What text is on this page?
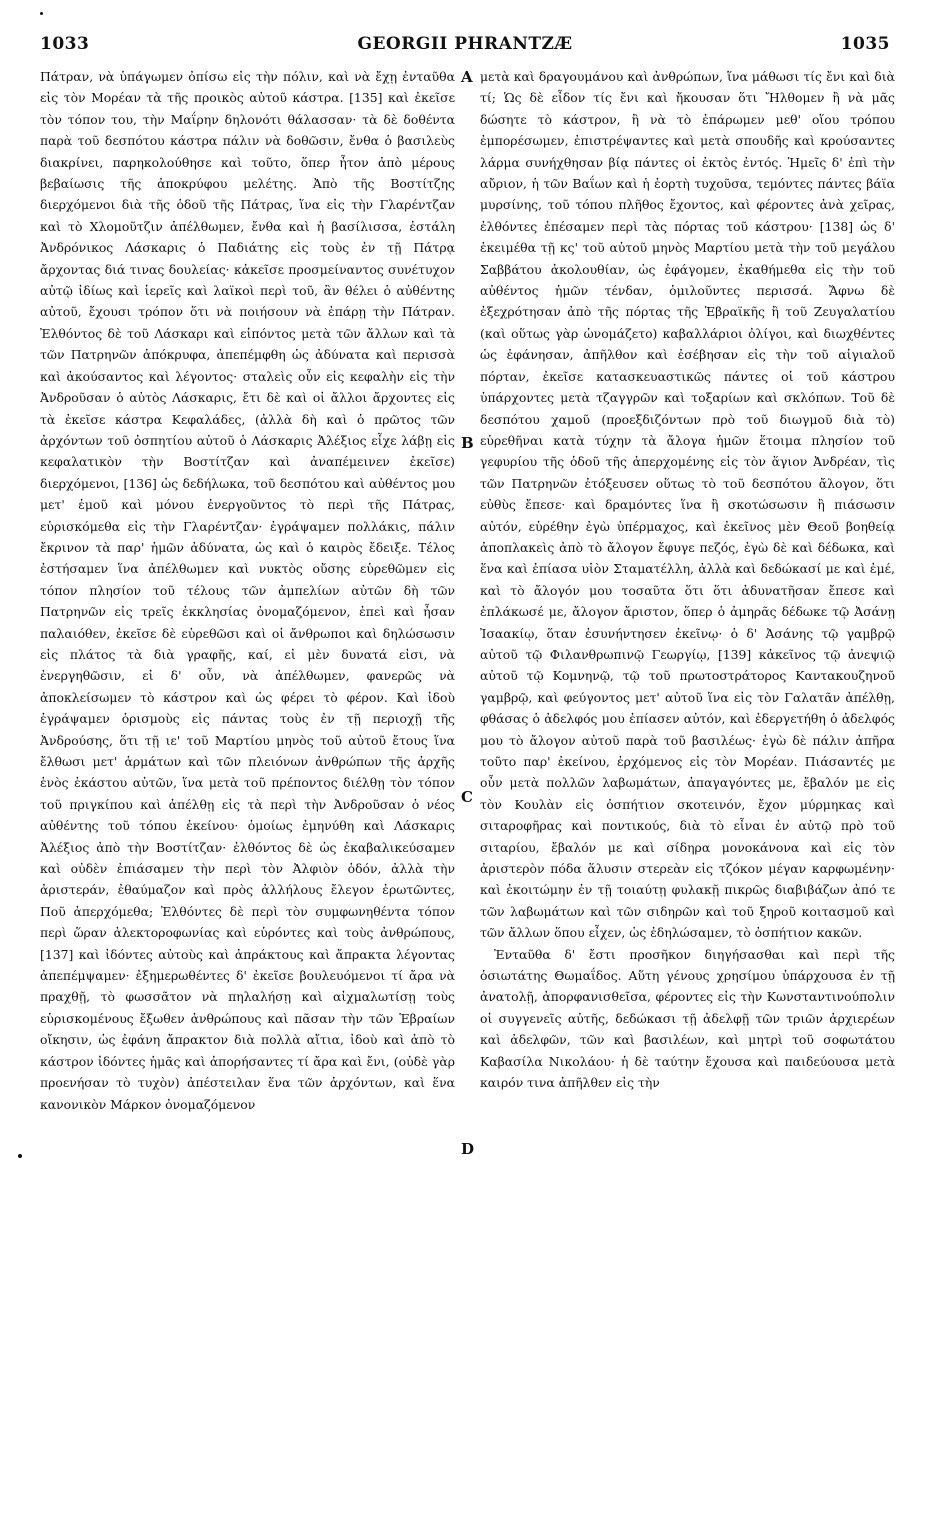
1033	GEORGII PHRANTZÆ	1035

Πάτραν, νὰ ὑπάγωμεν ὀπίσω εἰς τὴν πόλιν, καὶ νὰ ἔχῃ ἐνταῦθα εἰς τὸν Μορέαν τὰ τῆς προικὸς αὐτοῦ κάστρα. [135] καὶ ἐκεῖσε τὸν τόπον του, τὴν Μαΐρην δηλονότι θάλασσαν· τὰ δὲ δοθέντα παρὰ τοῦ δεσπότου κάστρα πάλιν νὰ δοθῶσιν, ἔνθα ὁ βασιλεὺς διακρίνει, παρηκολούθησε καὶ τοῦτο, ὅπερ ἦτον ἀπὸ μέρους βεβαίωσις τῆς ἀποκρύφου μελέτης. Ἀπὸ τῆς Βοστίτζης διερχόμενοι διὰ τῆς ὁδοῦ τῆς Πάτρας, ἵνα εἰς τὴν Γλαρέντζαν καὶ τὸ Χλομοῦτζιν ἀπέλθωμεν, ἔνθα καὶ ἡ βασίλισσα, ἐστάλη Ἀνδρόνικος Λάσκαρις ὁ Παδιάτης εἰς τοὺς ἐν τῇ Πάτρᾳ ἄρχοντας διά τινας δουλείας· κἀκεῖσε προσμείναντος συνέτυχον αὐτῷ ἰδίως καὶ ἱερεῖς καὶ λαϊκοὶ περὶ τοῦ, ἂν θέλει ὁ αὐθέντης αὐτοῦ, ἔχουσι τρόπον ὅτι νὰ ποιήσουν νὰ ἐπάρῃ τὴν Πάτραν. Ἐλθόντος δὲ τοῦ Λάσκαρι καὶ εἰπόντος μετὰ τῶν ἄλλων καὶ τὰ τῶν Πατρηνῶν ἀπόκρυφα, ἀπεπέμφθη ὡς ἀδύνατα καὶ περισσὰ καὶ ἀκούσαντος καὶ λέγοντος· σταλεὶς οὖν εἰς κεφαλὴν εἰς τὴν Ἀνδροῦσαν ὁ αὐτὸς Λάσκαρις, ἔτι δὲ καὶ οἱ ἄλλοι ἄρχοντες εἰς τὰ ἐκεῖσε κάστρα Κεφαλάδες, (ἀλλὰ δὴ καὶ ὁ πρῶτος τῶν ἀρχόντων τοῦ ὀσπητίου αὐτοῦ ὁ Λάσκαρις Ἀλέξιος εἶχε λάβῃ εἰς κεφαλατικὸν τὴν Βοστίτζαν καὶ ἀναπέμεινεν ἐκεῖσε) διερχόμενοι, [136] ὡς δεδήλωκα, τοῦ δεσπότου καὶ αὐθέντος μου μετ' ἐμοῦ καὶ μόνου ἐνεργοῦντος τὸ περὶ τῆς Πάτρας, εὑρισκόμεθα εἰς τὴν Γλαρέντζαν· ἐγράψαμεν πολλάκις, πάλιν ἔκρινον τὰ παρ' ἡμῶν ἀδύνατα, ὡς καὶ ὁ καιρὸς ἔδειξε. Τέλος ἐστήσαμεν ἵνα ἀπέλθωμεν καὶ νυκτὸς οὔσης εὑρεθῶμεν εἰς τόπον πλησίον τοῦ τέλους τῶν ἀμπελίων αὐτῶν δὴ τῶν Πατρηνῶν εἰς τρεῖς ἐκκλησίας ὀνομαζόμενον, ἐπεὶ καὶ ἦσαν παλαιόθεν, ἐκεῖσε δὲ εὑρεθῶσι καὶ οἱ ἄνθρωποι καὶ δηλώσωσιν εἰς πλάτος τὰ διὰ γραφῆς, καί, εἰ μὲν δυνατά εἰσι, νὰ ἐνεργηθῶσιν, εἰ δ' οὖν, νὰ ἀπέλθωμεν, φανερῶς νὰ ἀποκλείσωμεν τὸ κάστρον καὶ ὡς φέρει τὸ φέρον. Καὶ ἰδοὺ ἐγράψαμεν ὁρισμοὺς εἰς πάντας τοὺς ἐν τῇ περιοχῇ τῆς Ἀνδρούσης, ὅτι τῇ ιε' τοῦ Μαρτίου μηνὸς τοῦ αὐτοῦ ἔτους ἵνα ἔλθωσι μετ' ἁρμάτων καὶ τῶν πλειόνων ἀνθρώπων τῆς ἀρχῆς ἑνὸς ἑκάστου αὐτῶν, ἵνα μετὰ τοῦ πρέποντος διέλθῃ τὸν τόπον τοῦ πριγκίπου καὶ ἀπέλθῃ εἰς τὰ περὶ τὴν Ἀνδροῦσαν ὁ νέος αὐθέντης τοῦ τόπου ἐκείνου· ὁμοίως ἐμηνύθη καὶ Λάσκαρις Ἀλέξιος ἀπὸ τὴν Βοστίτζαν· ἐλθόντος δὲ ὡς ἐκαβαλικεύσαμεν καὶ οὐδὲν ἐπιάσαμεν τὴν περὶ τὸν Ἀλφιὸν ὁδόν, ἀλλὰ τὴν ἀριστεράν, ἐθαύμαζον καὶ πρὸς ἀλλήλους ἔλεγον ἐρωτῶντες, Ποῦ ἀπερχόμεθα; Ἐλθόντες δὲ περὶ τὸν συμφωνηθέντα τόπον περὶ ὥραν ἀλεκτοροφωνίας καὶ εὑρόντες καὶ τοὺς ἀνθρώπους, [137] καὶ ἰδόντες αὐτοὺς καὶ ἀπράκτους καὶ ἄπρακτα λέγοντας ἀπεπέμψαμεν· ἐξημερωθέντες δ' ἐκεῖσε βουλευόμενοι τί ἄρα νὰ πραχθῇ, τὸ φωσσᾶτον νὰ πηλαλήσῃ καὶ αἰχμαλωτίσῃ τοὺς εὑρισκομένους ἔξωθεν ἀνθρώπους καὶ πᾶσαν τὴν τῶν Ἑβραίων οἴκησιν, ὡς ἐφάνη ἄπρακτον διὰ πολλὰ αἴτια, ἰδοὺ καὶ ἀπὸ τὸ κάστρον ἰδόντες ἡμᾶς καὶ ἀπορήσαντες τί ἄρα καὶ ἔνι, (οὐδὲ γὰρ προενήσαν τὸ τυχὸν) ἀπέστειλαν ἕνα τῶν ἀρχόντων, καὶ ἕνα κανονικὸν Μάρκον ὀνομαζόμενον

A
B
C
D

μετὰ καὶ δραγουμάνου καὶ ἀνθρώπων, ἵνα μάθωσι τίς ἔνι καὶ διὰ τί; Ὡς δὲ εἶδον τίς ἔνι καὶ ἤκουσαν ὅτι Ἤλθομεν ἢ νὰ μᾶς δώσητε τὸ κάστρον, ἢ νὰ τὸ ἐπάρωμεν μεθ' οἵου τρόπου ἐμπορέσωμεν, ἐπιστρέψαντες καὶ μετὰ σπουδῆς καὶ κρούσαντες λάρμα συνήχθησαν βίᾳ πάντες οἱ ἐκτὸς ἐντός. Ἡμεῖς δ' ἐπὶ τὴν αὔριον, ἡ τῶν Βαΐων καὶ ἡ ἑορτὴ τυχοῦσα, τεμόντες πάντες βάϊα μυρσίνης, τοῦ τόπου πλῆθος ἔχοντος, καὶ φέροντες ἀνὰ χεῖρας, ἐλθόντες ἐπέσαμεν περὶ τὰς πόρτας τοῦ κάστρου· [138] ὡς δ' ἐκειμέθα τῇ κς' τοῦ αὐτοῦ μηνὸς Μαρτίου μετὰ τὴν τοῦ μεγάλου Σαββάτου ἀκολουθίαν, ὡς ἐφάγομεν, ἐκαθήμεθα εἰς τὴν τοῦ αὐθέντος ἡμῶν τένδαν, ὁμιλοῦντες περισσά. Ἄφνω δὲ ἐξεχρότησαν ἀπὸ τῆς πόρτας τῆς Ἑβραϊκῆς ἢ τοῦ Ζευγαλατίου (καὶ οὕτως γὰρ ὠνομάζετο) καβαλλάριοι ὀλίγοι, καὶ διωχθέντες ὡς ἐφάνησαν, ἀπῆλθον καὶ ἐσέβησαν εἰς τὴν τοῦ αἰγιαλοῦ πόρταν, ἐκεῖσε κατασκευαστικῶς πάντες οἱ τοῦ κάστρου ὑπάρχοντες μετὰ τζαγγρῶν καὶ τοξαρίων καὶ σκλόπων. Τοῦ δὲ δεσπότου χαμοῦ (προεξδιζόντων πρὸ τοῦ διωγμοῦ διὰ τὸ) εὑρεθῆναι κατὰ τύχην τὰ ἄλογα ἡμῶν ἕτοιμα πλησίον τοῦ γεφυρίου τῆς ὁδοῦ τῆς ἀπερχομένης εἰς τὸν ἅγιον Ἀνδρέαν, τὶς τῶν Πατρηνῶν ἐτόξευσεν οὕτως τὸ τοῦ δεσπότου ἄλογον, ὅτι εὐθὺς ἔπεσε· καὶ δραμόντες ἵνα ἢ σκοτώσωσιν ἢ πιάσωσιν αὐτόν, εὑρέθην ἐγὼ ὑπέρμαχος, καὶ ἐκεῖνος μὲν Θεοῦ βοηθείᾳ ἀποπλακεὶς ἀπὸ τὸ ἄλογον ἔφυγε πεζός, ἐγὼ δὲ καὶ δέδωκα, καὶ ἕνα καὶ ἐπίασα υἱὸν Σταματέλλη, ἀλλὰ καὶ δεδώκασί με καὶ ἐμέ, καὶ τὸ ἄλογόν μου τοσαῦτα ὅτι ὅτι ἀδυνατῆσαν ἔπεσε καὶ ἐπλάκωσέ με, ἄλογον ἄριστον, ὅπερ ὁ ἀμηρᾶς δέδωκε τῷ Ἀσάνῃ Ἰσαακίῳ, ὅταν ἐσυνήντησεν ἐκεῖνῳ· ὁ δ' Ἀσάνης τῷ γαμβρῷ αὐτοῦ τῷ Φιλανθρωπινῷ Γεωργίῳ, [139] κἀκεῖνος τῷ ἀνεψιῷ αὐτοῦ τῷ Κομνηνῷ, τῷ τοῦ πρωτοστράτορος Καντακουζηνοῦ γαμβρῷ, καὶ φεύγοντος μετ' αὐτοῦ ἵνα εἰς τὸν Γαλατᾶν ἀπέλθῃ, φθάσας ὁ ἀδελφός μου ἐπίασεν αὐτόν, καὶ ἐδεργετήθη ὁ ἀδελφός μου τὸ ἄλογον αὐτοῦ παρὰ τοῦ βασιλέως· ἐγὼ δὲ πάλιν ἀπῆρα τοῦτο παρ' ἐκείνου, ἐρχόμενος εἰς τὸν Μορέαν. Πιάσαντές με οὖν μετὰ πολλῶν λαβωμάτων, ἀπαγαγόντες με, ἔβαλόν με εἰς τὸν Κουλὰν εἰς ὀσπήτιον σκοτεινόν, ἔχον μύρμηκας καὶ σιταροφῆρας καὶ ποντικούς, διὰ τὸ εἶναι ἐν αὐτῷ πρὸ τοῦ σιταρίου, ἔβαλόν με καὶ σίδηρα μονοκάνονα καὶ εἰς τὸν ἀριστερὸν πόδα ἅλυσιν στερεὰν εἰς τζόκον μέγαν καρφωμένην· καὶ ἐκοιτώμην ἐν τῇ τοιαύτῃ φυλακῇ πικρῶς διαβιβάζων ἀπό τε τῶν λαβωμάτων καὶ τῶν σιδηρῶν καὶ τοῦ ξηροῦ κοιτασμοῦ καὶ τῶν ἄλλων ὅπου εἶχεν, ὡς ἐδηλώσαμεν, τὸ ὀσπήτιον κακῶν.

Ἐνταῦθα δ' ἔστι προσῆκον διηγήσασθαι καὶ περὶ τῆς ὁσιωτάτης Θωμαΐδος. Αὕτη γένους χρησίμου ὑπάρχουσα ἐν τῇ ἀνατολῇ, ἀπορφανισθεῖσα, φέροντες εἰς τὴν Κωνσταντινούπολιν οἱ συγγενεῖς αὐτῆς, δεδώκασι τῇ ἀδελφῇ τῶν τριῶν ἀρχιερέων καὶ ἀδελφῶν, τῶν καὶ βασιλέων, καὶ μητρὶ τοῦ σοφωτάτου Καβασίλα Νικολάου· ἡ δὲ ταύτην ἔχουσα καὶ παιδεύουσα μετὰ καιρόν τινα ἀπῆλθεν εἰς τὴν
